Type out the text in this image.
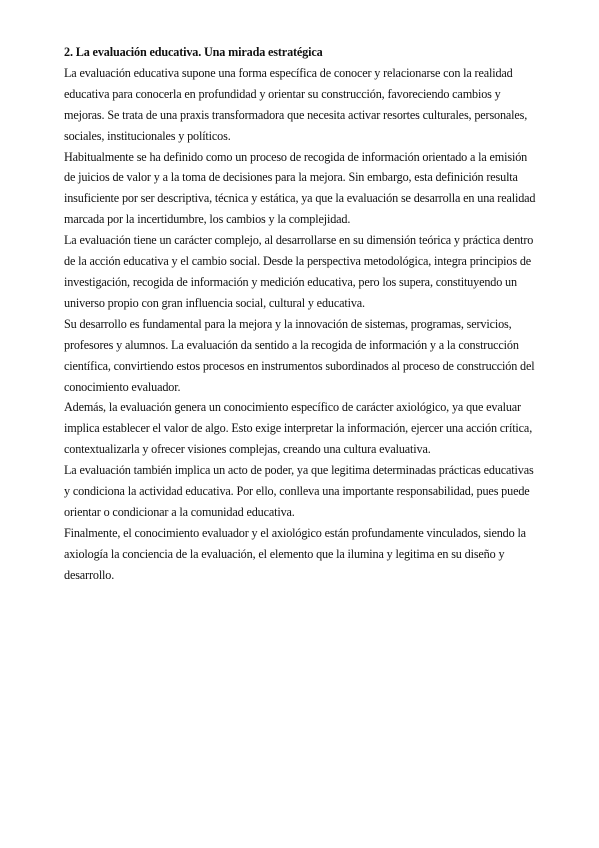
2. La evaluación educativa. Una mirada estratégica

La evaluación educativa supone una forma específica de conocer y relacionarse con la realidad educativa para conocerla en profundidad y orientar su construcción, favoreciendo cambios y mejoras. Se trata de una praxis transformadora que necesita activar resortes culturales, personales, sociales, institucionales y políticos.

Habitualmente se ha definido como un proceso de recogida de información orientado a la emisión de juicios de valor y a la toma de decisiones para la mejora. Sin embargo, esta definición resulta insuficiente por ser descriptiva, técnica y estática, ya que la evaluación se desarrolla en una realidad marcada por la incertidumbre, los cambios y la complejidad.

La evaluación tiene un carácter complejo, al desarrollarse en su dimensión teórica y práctica dentro de la acción educativa y el cambio social. Desde la perspectiva metodológica, integra principios de investigación, recogida de información y medición educativa, pero los supera, constituyendo un universo propio con gran influencia social, cultural y educativa.

Su desarrollo es fundamental para la mejora y la innovación de sistemas, programas, servicios, profesores y alumnos. La evaluación da sentido a la recogida de información y a la construcción científica, convirtiendo estos procesos en instrumentos subordinados al proceso de construcción del conocimiento evaluador.

Además, la evaluación genera un conocimiento específico de carácter axiológico, ya que evaluar implica establecer el valor de algo. Esto exige interpretar la información, ejercer una acción crítica, contextualizarla y ofrecer visiones complejas, creando una cultura evaluativa.

La evaluación también implica un acto de poder, ya que legitima determinadas prácticas educativas y condiciona la actividad educativa. Por ello, conlleva una importante responsabilidad, pues puede orientar o condicionar a la comunidad educativa.

Finalmente, el conocimiento evaluador y el axiológico están profundamente vinculados, siendo la axiología la conciencia de la evaluación, el elemento que la ilumina y legitima en su diseño y desarrollo.
